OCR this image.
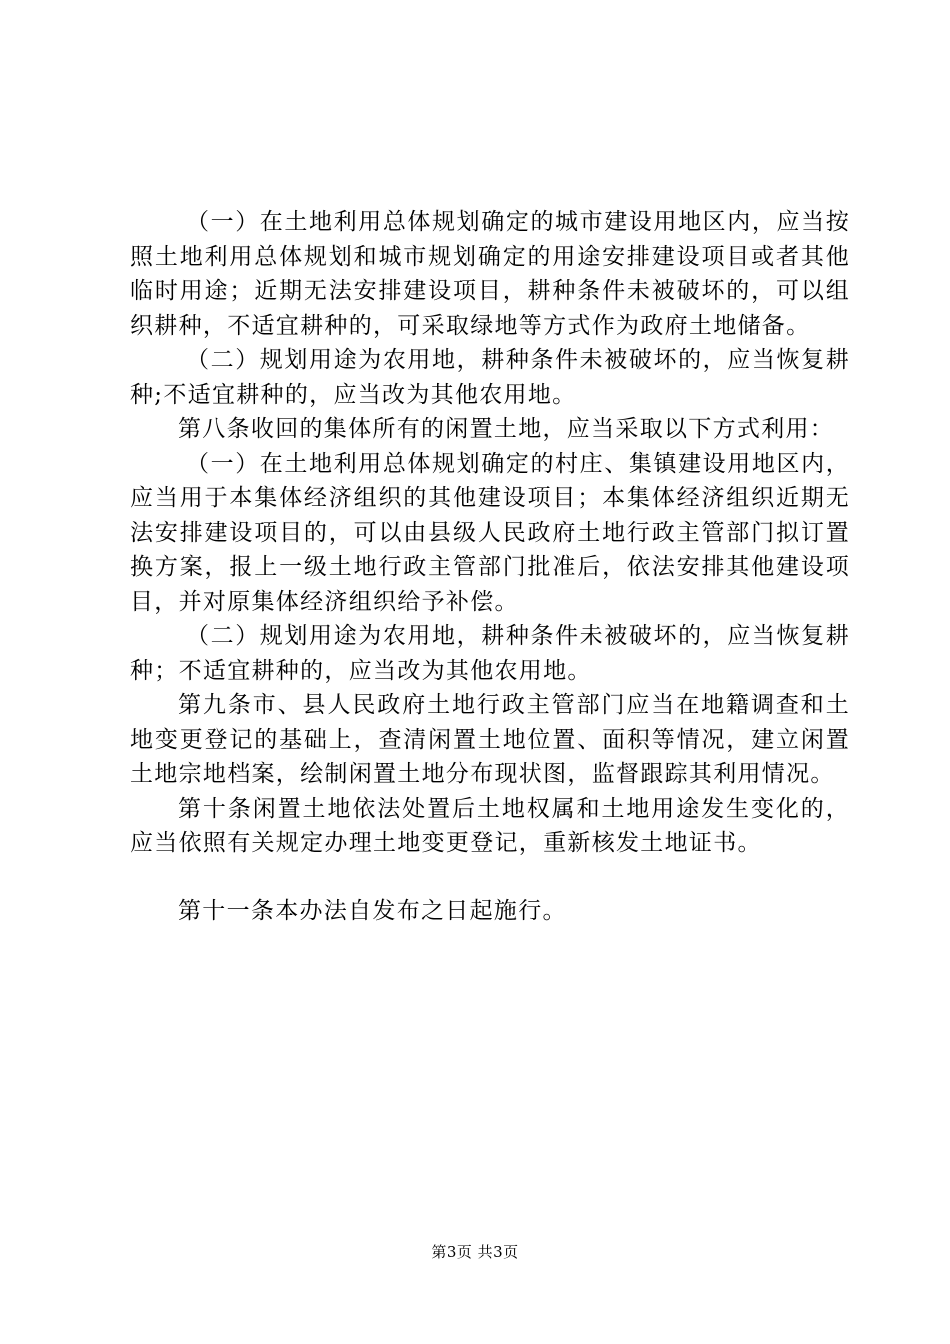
（一）在土地利用总体规划确定的城市建设用地区内，应当按照土地利用总体规划和城市规划确定的用途安排建设项目或者其他临时用途；近期无法安排建设项目，耕种条件未被破坏的，可以组织耕种，不适宜耕种的，可采取绿地等方式作为政府土地储备。

（二）规划用途为农用地，耕种条件未被破坏的，应当恢复耕种;不适宜耕种的，应当改为其他农用地。

第八条收回的集体所有的闲置土地，应当采取以下方式利用：

（一）在土地利用总体规划确定的村庄、集镇建设用地区内，应当用于本集体经济组织的其他建设项目；本集体经济组织近期无法安排建设项目的，可以由县级人民政府土地行政主管部门拟订置换方案，报上一级土地行政主管部门批准后，依法安排其他建设项目，并对原集体经济组织给予补偿。

（二）规划用途为农用地，耕种条件未被破坏的，应当恢复耕种；不适宜耕种的，应当改为其他农用地。

第九条市、县人民政府土地行政主管部门应当在地籍调查和土地变更登记的基础上，查清闲置土地位置、面积等情况，建立闲置土地宗地档案，绘制闲置土地分布现状图，监督跟踪其利用情况。

第十条闲置土地依法处置后土地权属和土地用途发生变化的，应当依照有关规定办理土地变更登记，重新核发土地证书。

第十一条本办法自发布之日起施行。

第3页 共3页
